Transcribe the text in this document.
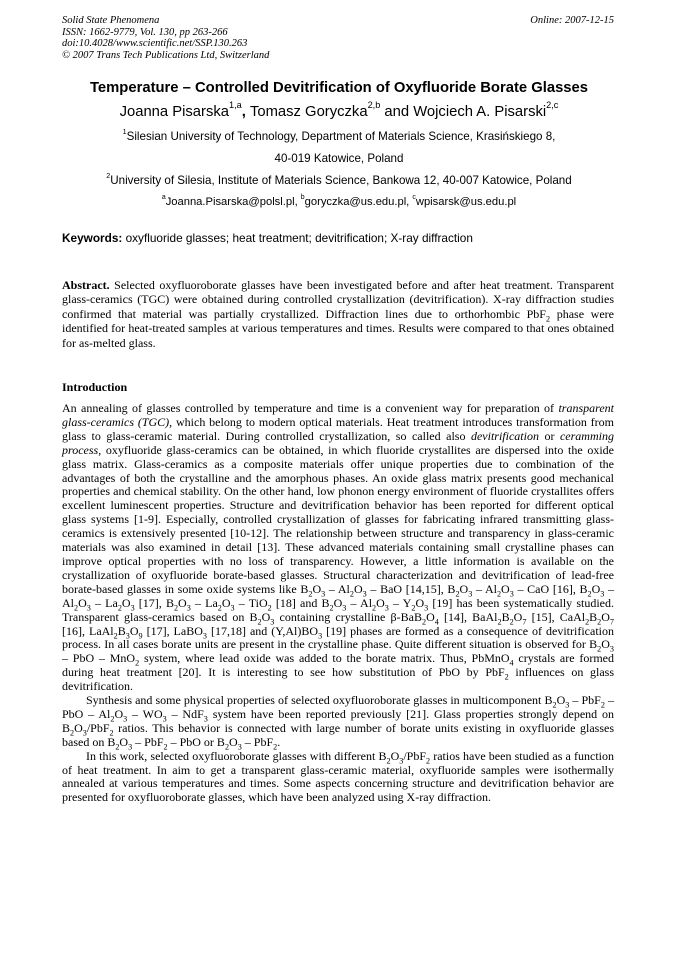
Solid State Phenomena
ISSN: 1662-9779, Vol. 130, pp 263-266
doi:10.4028/www.scientific.net/SSP.130.263
© 2007 Trans Tech Publications Ltd, Switzerland
Online: 2007-12-15
Temperature – Controlled Devitrification of Oxyfluoride Borate Glasses
Joanna Pisarska$^{1,a}$, Tomasz Goryczka$^{2,b}$ and Wojciech A. Pisarski$^{2,c}$
$^1$Silesian University of Technology, Department of Materials Science, Krasińskiego 8,
40-019 Katowice, Poland
$^2$University of Silesia, Institute of Materials Science, Bankowa 12, 40-007 Katowice, Poland
$^a$Joanna.Pisarska@polsl.pl, $^b$goryczka@us.edu.pl, $^c$wpisarsk@us.edu.pl
Keywords: oxyfluoride glasses; heat treatment; devitrification; X-ray diffraction
Abstract. Selected oxyfluoroborate glasses have been investigated before and after heat treatment. Transparent glass-ceramics (TGC) were obtained during controlled crystallization (devitrification). X-ray diffraction studies confirmed that material was partially crystallized. Diffraction lines due to orthorhombic PbF$_2$ phase were identified for heat-treated samples at various temperatures and times. Results were compared to that ones obtained for as-melted glass.
Introduction

An annealing of glasses controlled by temperature and time is a convenient way for preparation of transparent glass-ceramics (TGC), which belong to modern optical materials. Heat treatment introduces transformation from glass to glass-ceramic material. During controlled crystallization, so called also devitrification or ceramming process, oxyfluoride glass-ceramics can be obtained, in which fluoride crystallites are dispersed into the oxide glass matrix. Glass-ceramics as a composite materials offer unique properties due to combination of the advantages of both the crystalline and the amorphous phases. An oxide glass matrix presents good mechanical properties and chemical stability. On the other hand, low phonon energy environment of fluoride crystallites offers excellent luminescent properties. Structure and devitrification behavior has been reported for different optical glass systems [1-9]. Especially, controlled crystallization of glasses for fabricating infrared transmitting glass-ceramics is extensively presented [10-12]. The relationship between structure and transparency in glass-ceramic materials was also examined in detail [13]. These advanced materials containing small crystalline phases can improve optical properties with no loss of transparency. However, a little information is available on the crystallization of oxyfluoride borate-based glasses. Structural characterization and devitrification of lead-free borate-based glasses in some oxide systems like $B_2O_3 - Al_2O_3$ – BaO [14,15], $B_2O_3 - Al_2O_3$ – CaO [16], $B_2O_3 - Al_2O_3 - La_2O_3$ [17], $B_2O_3 - La_2O_3 - TiO_2$ [18] and $B_2O_3 - Al_2O_3 - Y_2O_3$ [19] has been systematically studied. Transparent glass-ceramics based on $B_2O_3$ containing crystalline $\beta-BaB_2O_4$ [14], $BaAl_2B_2O_7$ [15], $CaAl_2B_2O_7$ [16], $LaAl_2B_3O_9$ [17], LaBO$_3$ [17,18] and $(Y,Al)BO_3$ [19] phases are formed as a consequence of devitrification process. In all cases borate units are present in the crystalline phase. Quite different situation is observed for $B_2O_3$ – PbO – MnO$_2$ system, where lead oxide was added to the borate matrix. Thus, PbMnO$_4$ crystals are formed during heat treatment [20]. It is interesting to see how substitution of PbO by PbF$_2$ influences on glass devitrification.

Synthesis and some physical properties of selected oxyfluoroborate glasses in multicomponent $B_2O_3 - PbF_2$ – PbO – $Al_2O_3 - WO_3 - NdF_3$ system have been reported previously [21]. Glass properties strongly depend on $B_2O_3/PbF_2$ ratios. This behavior is connected with large number of borate units existing in oxyfluoride glasses based on $B_2O_3 - PbF_2$ – PbO or $B_2O_3 - PbF_2$.

In this work, selected oxyfluoroborate glasses with different $B_2O_3/PbF_2$ ratios have been studied as a function of heat treatment. In aim to get a transparent glass-ceramic material, oxyfluoride samples were isothermally annealed at various temperatures and times. Some aspects concerning structure and devitrification behavior are presented for oxyfluoroborate glasses, which have been analyzed using X-ray diffraction.
